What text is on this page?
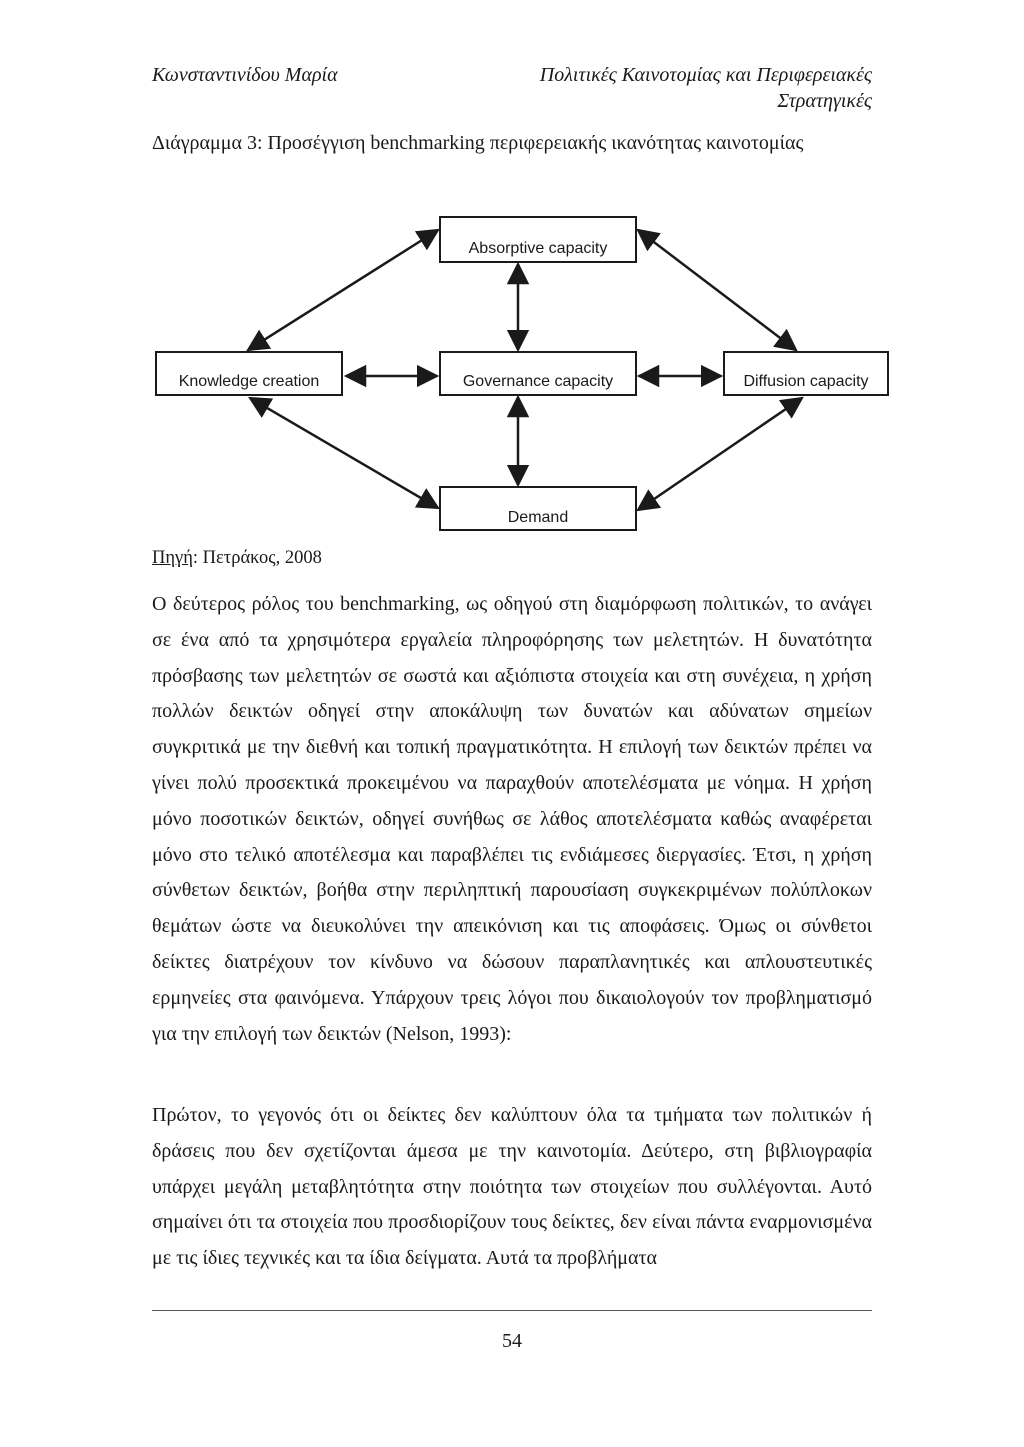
Κωνσταντινίδου Μαρία	Πολιτικές Καινοτομίας και Περιφερειακές
Στρατηγικές
Διάγραμμα 3: Προσέγγιση benchmarking περιφερειακής ικανότητας καινοτομίας
Absorptive capacity
Knowledge creation	Governance capacity	Diffusion capacity
Demand
Πηγή: Πετράκος, 2008

Ο δεύτερος ρόλος του benchmarking, ως οδηγού στη διαμόρφωση πολιτικών, το ανάγει σε ένα από τα χρησιμότερα εργαλεία πληροφόρησης των μελετητών. Η δυνατότητα πρόσβασης των μελετητών σε σωστά και αξιόπιστα στοιχεία και στη συνέχεια, η χρήση πολλών δεικτών οδηγεί στην αποκάλυψη των δυνατών και αδύνατων σημείων συγκριτικά με την διεθνή και τοπική πραγματικότητα. Η επιλογή των δεικτών πρέπει να γίνει πολύ προσεκτικά προκειμένου να παραχθούν αποτελέσματα με νόημα. Η χρήση μόνο ποσοτικών δεικτών, οδηγεί συνήθως σε λάθος αποτελέσματα καθώς αναφέρεται μόνο στο τελικό αποτέλεσμα και παραβλέπει τις ενδιάμεσες διεργασίες. Έτσι, η χρήση σύνθετων δεικτών, βοήθα στην περιληπτική παρουσίαση συγκεκριμένων πολύπλοκων θεμάτων ώστε να διευκολύνει την απεικόνιση και τις αποφάσεις. Όμως οι σύνθετοι δείκτες διατρέχουν τον κίνδυνο να δώσουν παραπλανητικές και απλουστευτικές ερμηνείες στα φαινόμενα. Υπάρχουν τρεις λόγοι που δικαιολογούν τον προβληματισμό για την επιλογή των δεικτών (Nelson, 1993):

Πρώτον, το γεγονός ότι οι δείκτες δεν καλύπτουν όλα τα τμήματα των πολιτικών ή δράσεις που δεν σχετίζονται άμεσα με την καινοτομία. Δεύτερο, στη βιβλιογραφία υπάρχει μεγάλη μεταβλητότητα στην ποιότητα των στοιχείων που συλλέγονται. Αυτό σημαίνει ότι τα στοιχεία που προσδιορίζουν τους δείκτες, δεν είναι πάντα εναρμονισμένα με τις ίδιες τεχνικές και τα ίδια δείγματα. Αυτά τα προβλήματα

54
